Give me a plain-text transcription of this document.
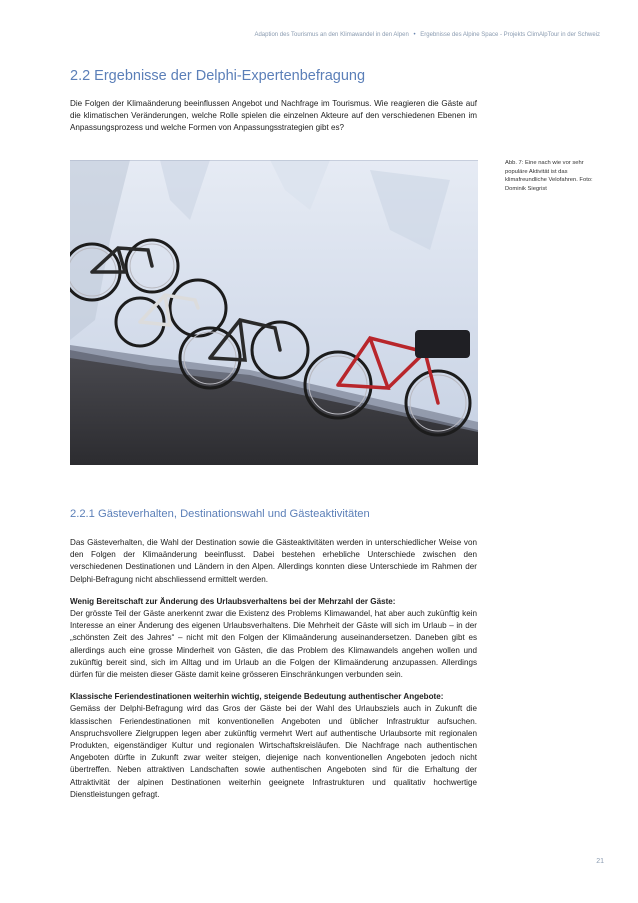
Adaption des Tourismus an den Klimawandel in den Alpen • Ergebnisse des Alpine Space - Projekts ClimAlpTour in der Schweiz
2.2 Ergebnisse der Delphi-Expertenbefragung
Die Folgen der Klimaänderung beeinflussen Angebot und Nachfrage im Tourismus. Wie reagieren die Gäste auf die klimatischen Veränderungen, welche Rolle spielen die einzelnen Akteure auf den verschiedenen Ebenen im Anpassungsprozess und welche Formen von Anpassungsstrategien gibt es?
Abb. 7: Eine nach wie vor sehr populäre Aktivität ist das klimafreundliche Velofahren. Foto: Dominik Siegrist
2.2.1 Gästeverhalten, Destinationswahl und Gästeaktivitäten

Das Gästeverhalten, die Wahl der Destination sowie die Gästeaktivitäten werden in unterschiedlicher Weise von den Folgen der Klimaänderung beeinflusst. Dabei bestehen erhebliche Unterschiede zwischen den verschiedenen Destinationen und Ländern in den Alpen. Allerdings konnten diese Unterschiede im Rahmen der Delphi-Befragung nicht abschliessend ermittelt werden.

Wenig Bereitschaft zur Änderung des Urlaubsverhaltens bei der Mehrzahl der Gäste:
Der grösste Teil der Gäste anerkennt zwar die Existenz des Problems Klimawandel, hat aber auch zukünftig kein Interesse an einer Änderung des eigenen Urlaubsverhaltens. Die Mehrheit der Gäste will sich im Urlaub – in der „schönsten Zeit des Jahres“ – nicht mit den Folgen der Klimaänderung auseinandersetzen. Daneben gibt es allerdings auch eine grosse Minderheit von Gästen, die das Problem des Klimawandels angehen wollen und zukünftig bereit sind, sich im Alltag und im Urlaub an die Folgen der Klimaänderung anzupassen. Allerdings dürfen für die meisten dieser Gäste damit keine grösseren Einschränkungen verbunden sein.

Klassische Feriendestinationen weiterhin wichtig, steigende Bedeutung authentischer Angebote:
Gemäss der Delphi-Befragung wird das Gros der Gäste bei der Wahl des Urlaubsziels auch in Zukunft die klassischen Feriendestinationen mit konventionellen Angeboten und üblicher Infrastruktur aufsuchen. Anspruchsvollere Zielgruppen legen aber zukünftig vermehrt Wert auf authentische Urlaubsorte mit regionalen Produkten, eigenständiger Kultur und regionalen Wirtschaftskreisläufen. Die Nachfrage nach authentischen Angeboten dürfte in Zukunft zwar weiter steigen, diejenige nach konventionellen Angeboten jedoch nicht übertreffen. Neben attraktiven Landschaften sowie authentischen Angeboten sind für die Erhaltung der Attraktivität der alpinen Destinationen weiterhin geeignete Infrastrukturen und qualitativ hochwertige Dienstleistungen gefragt.

21
